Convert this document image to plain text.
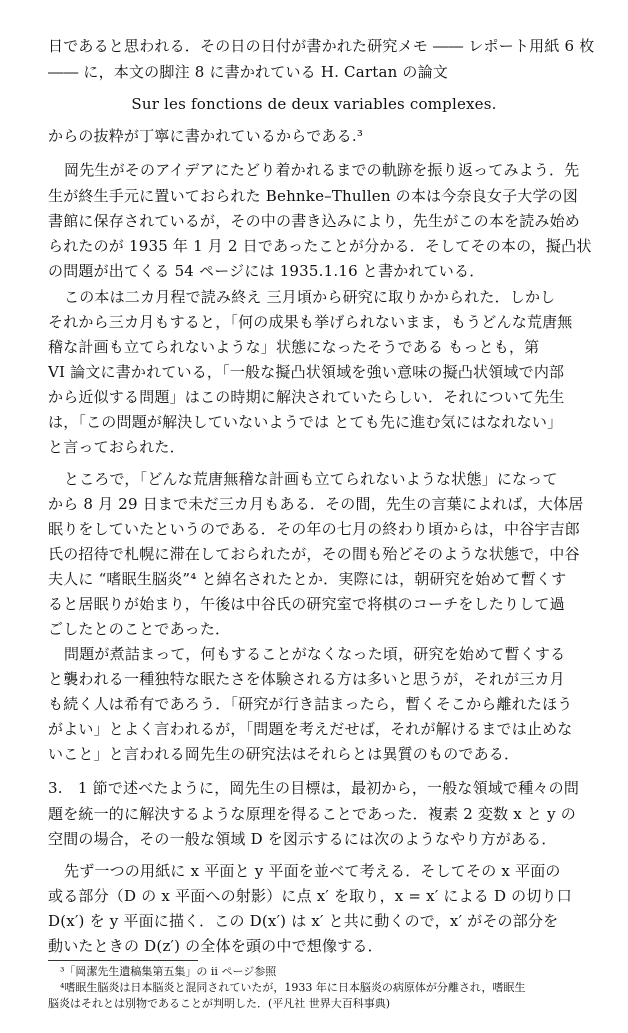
日であると思われる．その日の日付が書かれた研究メモ ―― レポート用紙 6 枚
―― に，本文の脚注 8 に書かれている H. Cartan の論文
Sur les fonctions de deux variables complexes.
からの抜粋が丁寧に書かれているからである.³
岡先生がそのアイデアにたどり着かれるまでの軌跡を振り返ってみよう．先
生が終生手元に置いておられた Behnke–Thullen の本は今奈良女子大学の図
書館に保存されているが，その中の書き込みにより，先生がこの本を読み始め
られたのが 1935 年 1 月 2 日であったことが分かる．そしてその本の，擬凸状
の問題が出てくる 54 ページには 1935.1.16 と書かれている．
この本は二カ月程で読み終え 三月頃から研究に取りかかられた．しかし
それから三カ月もすると，「何の成果も挙げられないまま，もうどんな荒唐無
稽な計画も立てられないような」状態になったそうである もっとも，第
VI 論文に書かれている，「一般な擬凸状領域を強い意味の擬凸状領域で内部
から近似する問題」はこの時期に解決されていたらしい．それについて先生
は，「この問題が解決していないようでは とても先に進む気にはなれない」
と言っておられた．
ところで，「どんな荒唐無稽な計画も立てられないような状態」になって
から 8 月 29 日まで未だ三カ月もある．その間，先生の言葉によれば，大体居
眠りをしていたというのである．その年の七月の終わり頃からは，中谷宇吉郎
氏の招待で札幌に滞在しておられたが，その間も殆どそのような状態で，中谷
夫人に “嗜眠生脳炎”⁴ と綽名されたとか．実際には，朝研究を始めて暫くす
ると居眠りが始まり，午後は中谷氏の研究室で将棋のコーチをしたりして過
ごしたとのことであった．
問題が煮詰まって，何もすることがなくなった頃，研究を始めて暫くする
と襲われる一種独特な眠たさを体験される方は多いと思うが，それが三カ月
も続く人は希有であろう．「研究が行き詰まったら，暫くそこから離れたほう
がよい」とよく言われるが，「問題を考えだせば，それが解けるまでは止めな
いこと」と言われる岡先生の研究法はそれらとは異質のものである．
3.　1 節で述べたように，岡先生の目標は，最初から，一般な領域で種々の問
題を統一的に解決するような原理を得ることであった．複素 2 変数 x と y の
空間の場合，その一般な領域 D を図示するには次のようなやり方がある．
先ず一つの用紙に x 平面と y 平面を並べて考える．そしてその x 平面の
或る部分（D の x 平面への射影）に点 x′ を取り，x = x′ による D の切り口
D(x′) を y 平面に描く．この D(x′) は x′ と共に動くので，x′ がその部分を
動いたときの D(z′) の全体を頭の中で想像する．
³「岡潔先生遺稿集第五集」の ii ページ参照
⁴嗜眠生脳炎は日本脳炎と混同されていたが，1933 年に日本脳炎の病原体が分離され，嗜眠生
脳炎はそれとは別物であることが判明した．(平凡社 世界大百科事典)
